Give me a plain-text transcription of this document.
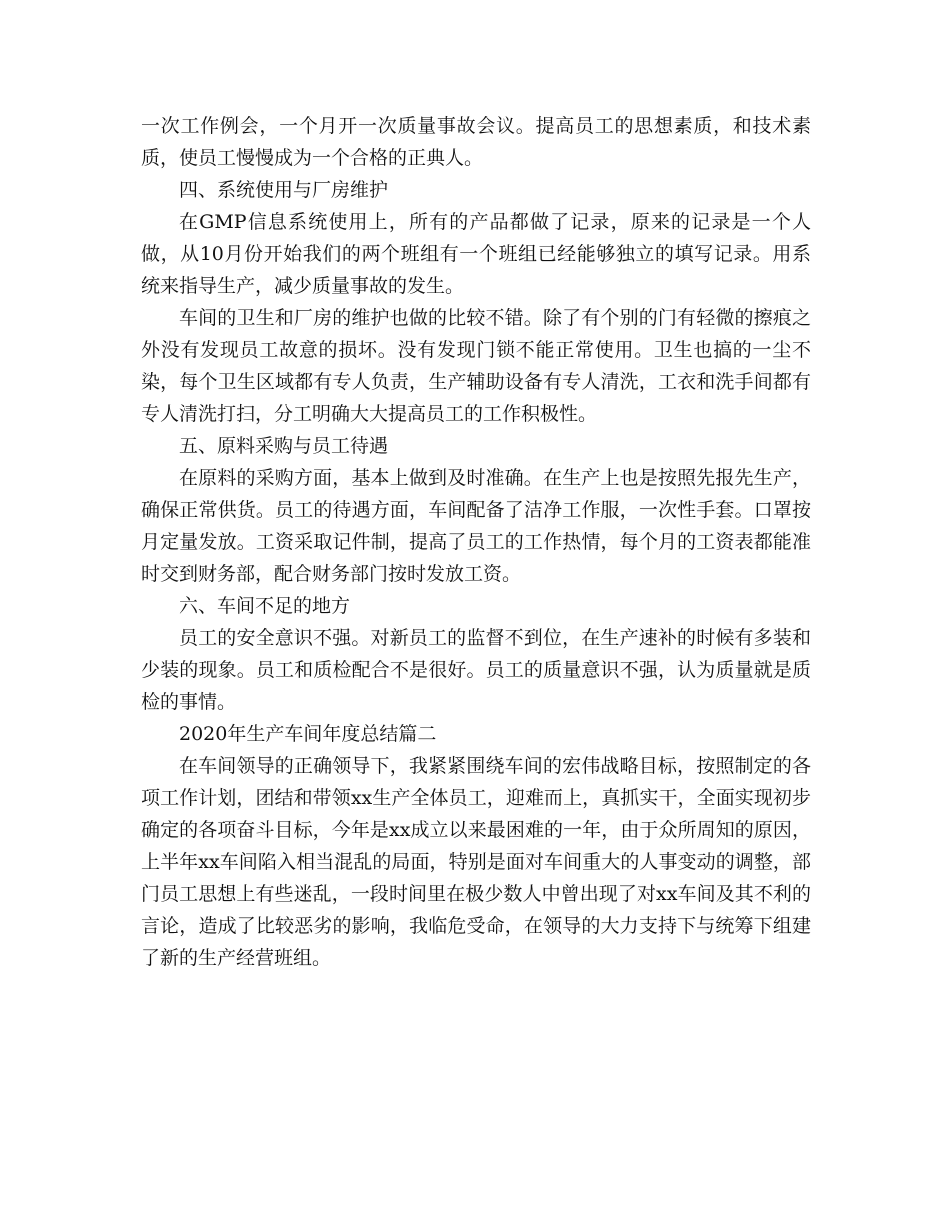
一次工作例会，一个月开一次质量事故会议。提高员工的思想素质，和技术素质，使员工慢慢成为一个合格的正典人。

四、系统使用与厂房维护

在GMP信息系统使用上，所有的产品都做了记录，原来的记录是一个人做，从10月份开始我们的两个班组有一个班组已经能够独立的填写记录。用系统来指导生产，减少质量事故的发生。

车间的卫生和厂房的维护也做的比较不错。除了有个别的门有轻微的擦痕之外没有发现员工故意的损坏。没有发现门锁不能正常使用。卫生也搞的一尘不染，每个卫生区域都有专人负责，生产辅助设备有专人清洗，工衣和洗手间都有专人清洗打扫，分工明确大大提高员工的工作积极性。

五、原料采购与员工待遇

在原料的采购方面，基本上做到及时准确。在生产上也是按照先报先生产，确保正常供货。员工的待遇方面，车间配备了洁净工作服，一次性手套。口罩按月定量发放。工资采取记件制，提高了员工的工作热情，每个月的工资表都能准时交到财务部，配合财务部门按时发放工资。

六、车间不足的地方

员工的安全意识不强。对新员工的监督不到位，在生产速补的时候有多装和少装的现象。员工和质检配合不是很好。员工的质量意识不强，认为质量就是质检的事情。

2020年生产车间年度总结篇二

在车间领导的正确领导下，我紧紧围绕车间的宏伟战略目标，按照制定的各项工作计划，团结和带领xx生产全体员工，迎难而上，真抓实干，全面实现初步确定的各项奋斗目标，今年是xx成立以来最困难的一年，由于众所周知的原因，上半年xx车间陷入相当混乱的局面，特别是面对车间重大的人事变动的调整，部门员工思想上有些迷乱，一段时间里在极少数人中曾出现了对xx车间及其不利的言论，造成了比较恶劣的影响，我临危受命，在领导的大力支持下与统筹下组建了新的生产经营班组。
